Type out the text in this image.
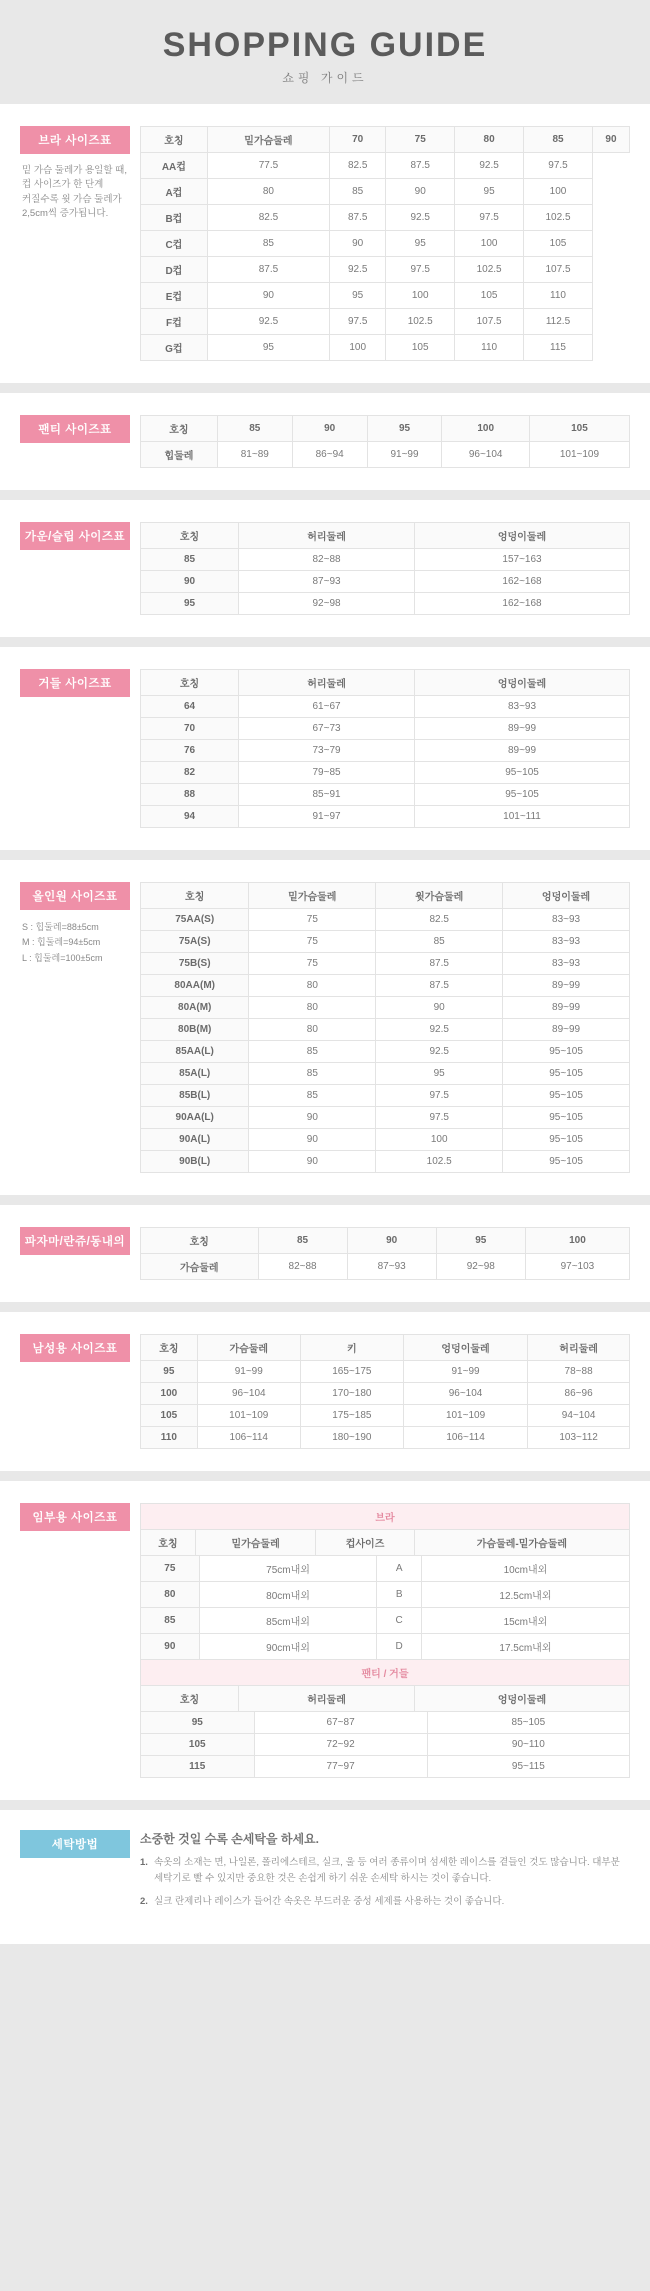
SHOPPING GUIDE
쇼핑 가이드
브라 사이즈표
밑 가슴 둘레가 용일할 때,
컵 사이즈가 한 단계
커질수록 윗 가슴 둘레가
2,5cm씩 증가됩니다.
호칭	밑가슴둘레	70	75	80	85	90
AA컵	77.5	82.5	87.5	92.5	97.5	
A컵	80	85	90	95	100	
B컵	82.5	87.5	92.5	97.5	102.5	
C컵	85	90	95	100	105	
D컵	87.5	92.5	97.5	102.5	107.5	
E컵	90	95	100	105	110	
F컵	92.5	97.5	102.5	107.5	112.5	
G컵	95	100	105	110	115	
팬티 사이즈표	호칭	85	90	95	100	105
힙둘레	81~89	86~94	91~99	96~104	101~109
가운/슬립 사이즈표	호칭	허리둘레	엉덩이둘레
85	82~88	157~163
90	87~93	162~168
95	92~98	162~168
거들 사이즈표	호칭	허리둘레	엉덩이둘레
64	61~67	83~93
70	67~73	89~99
76	73~79	89~99
82	79~85	95~105
88	85~91	95~105
94	91~97	101~111
올인원 사이즈표
S : 힙둘레=88±5cm
M : 힙둘레=94±5cm
L : 힙둘레=100±5cm
호칭	밑가슴둘레	윗가슴둘레	엉덩이둘레
75AA(S)	75	82.5	83~93
75A(S)	75	85	83~93
75B(S)	75	87.5	83~93
80AA(M)	80	87.5	89~99
80A(M)	80	90	89~99
80B(M)	80	92.5	89~99
85AA(L)	85	92.5	95~105
85A(L)	85	95	95~105
85B(L)	85	97.5	95~105
90AA(L)	90	97.5	95~105
90A(L)	90	100	95~105
90B(L)	90	102.5	95~105
파자마/란쥬/동내의	호칭	85	90	95	100
가슴둘레	82~88	87~93	92~98	97~103
남성용 사이즈표	호칭	가슴둘레	키	엉덩이둘레	허리둘레
95	91~99	165~175	91~99	78~88
100	96~104	170~180	96~104	86~96
105	101~109	175~185	101~109	94~104
110	106~114	180~190	106~114	103~112
임부용 사이즈표	브라
호칭	밑가슴둘레	컵사이즈	가슴둘레-밑가슴둘레
75	75cm내외	A	10cm내외
80	80cm내외	B	12.5cm내외
85	85cm내외	C	15cm내외
90	90cm내외	D	17.5cm내외
팬티 / 거들
호칭	허리둘레	엉덩이둘레
95	67~87	85~105
105	72~92	90~110
115	77~97	95~115
세탁방법	소중한 것일 수록 손세탁을 하세요.
1. 속옷의 소재는 면, 나일론, 폴리에스테르, 실크, 울 등 여러 종류이며 섬세한 레이스를 곁들인 것도 많습니다. 대부분 세탁기로 빨 수 있지만 중요한 것은 손쉽게 하기 쉬운 손세탁 하시는 것이 좋습니다.
2. 실크 란제리나 레이스가 들어간 속옷은 부드러운 중성 세제를 사용하는 것이 좋습니다.
